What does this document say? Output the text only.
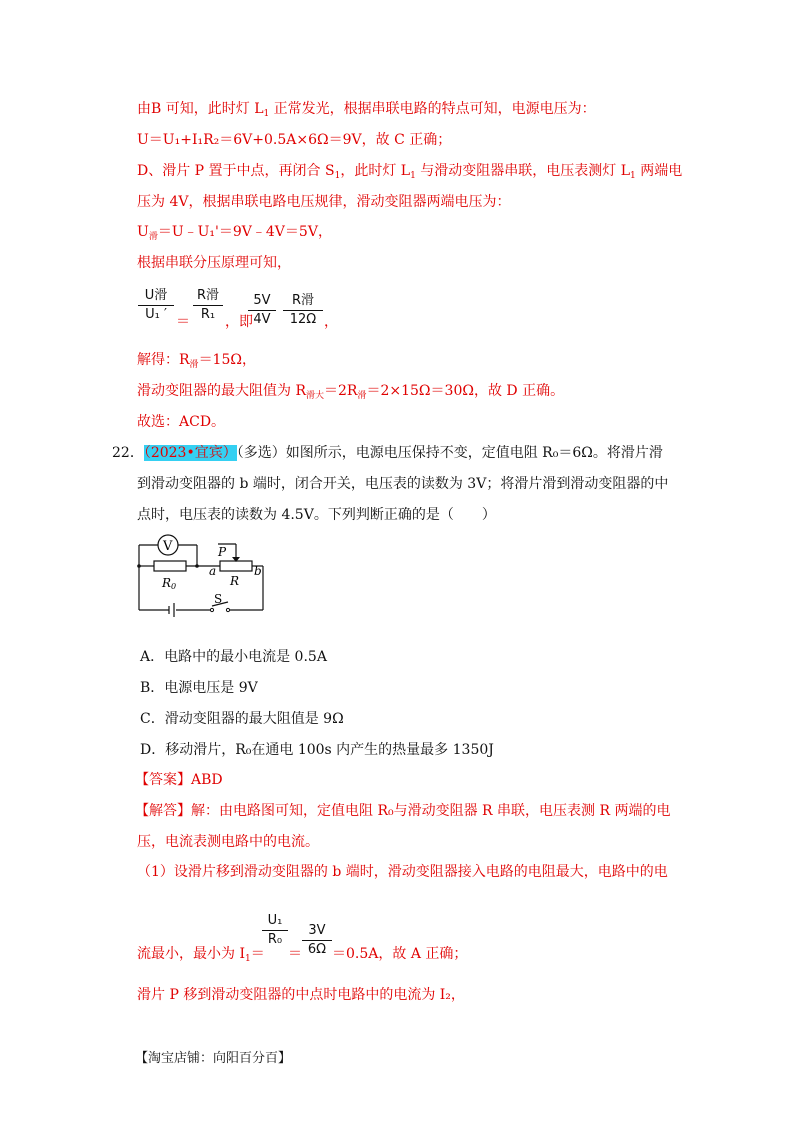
由B 可知，此时灯 $L_1$ 正常发光，根据串联电路的特点可知，电源电压为：
U＝U₁+I₁R₂＝6V+0.5A×6Ω＝9V，故 C 正确；
D、滑片 P 置于中点，再闭合 $S_1$，此时灯 $L_1$ 与滑动变阻器串联，电压表测灯 $L_1$ 两端电
压为 4V，根据串联电路电压规律，滑动变阻器两端电压为：
$U_滑=U﹣U_1'=9V﹣4V=5V$，
根据串联分压原理可知，
U滑
U₁ ′ ＝
R滑
R₁ ，即
5V
4V
R滑
12Ω ，
解得：$R_滑=15\Omega$，
滑动变阻器的最大阻值为 $R_{滑大}=2R_滑=2\times 15\Omega=30\Omega$，故 D 正确。
故选：ACD。
22．（2023•宜宾）（多选）如图所示，电源电压保持不变，定值电阻 R₀＝6Ω。将滑片滑
到滑动变阻器的 b 端时，闭合开关，电压表的读数为 3V；将滑片滑到滑动变阻器的中
点时，电压表的读数为 4.5V。下列判断正确的是（　　）
V
R0
P
a
R
b
S
A．电路中的最小电流是 0.5A
B．电源电压是 9V
C．滑动变阻器的最大阻值是 9Ω
D．移动滑片，R₀在通电 100s 内产生的热量最多 1350J
【答案】ABD
【解答】解：由电路图可知，定值电阻 R₀与滑动变阻器 R 串联，电压表测 R 两端的电
压，电流表测电路中的电流。
（1）设滑片移到滑动变阻器的 b 端时，滑动变阻器接入电路的电阻最大，电路中的电
流最小，最小为 $I_1=$
U₁
R₀
＝
3V
6Ω ＝0.5A，故 A 正确；
滑片 P 移到滑动变阻器的中点时电路中的电流为 I₂，
【淘宝店铺：向阳百分百】
